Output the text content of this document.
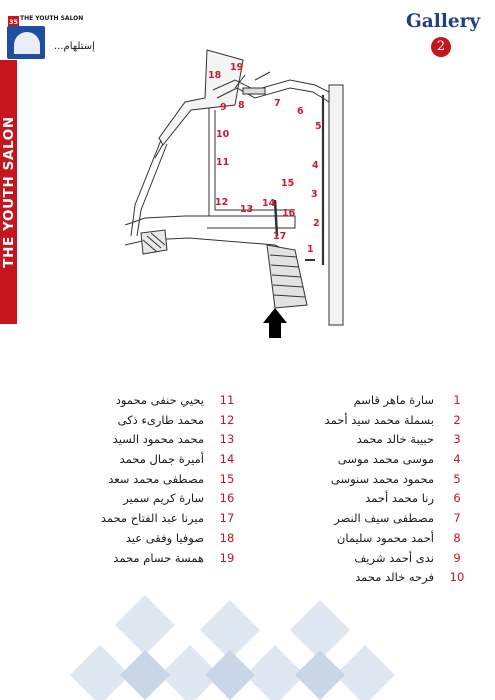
THE YOUTH SALON
35 THE YOUTH SALON
إستلهام...
Gallery
2
1
2
3
4
5
6
7
8
9
10
11
12
13
14
15
16
17
18
19
1
سارة ماهر قاسم
2
بسملة محمد سيد أحمد
3
حبيبة خالد محمد
4
موسى محمد موسى
5
محمود محمد سنوسى
6
رنا محمد أحمد
7
مصطفى سيف النصر
8
أحمد محمود سليمان
9
ندى أحمد شريف
10
فرحه خالد محمد
11
يحيي حنفى محمود
12
محمد طارىء ذكى
13
محمد محمود السيد
14
أميرة جمال محمد
15
مصطفى محمد سعد
16
سارة كريم سمير
17
ميرنا عبد الفتاح محمد
18
صوفيا وفقى عيد
19
همسة حسام محمد
